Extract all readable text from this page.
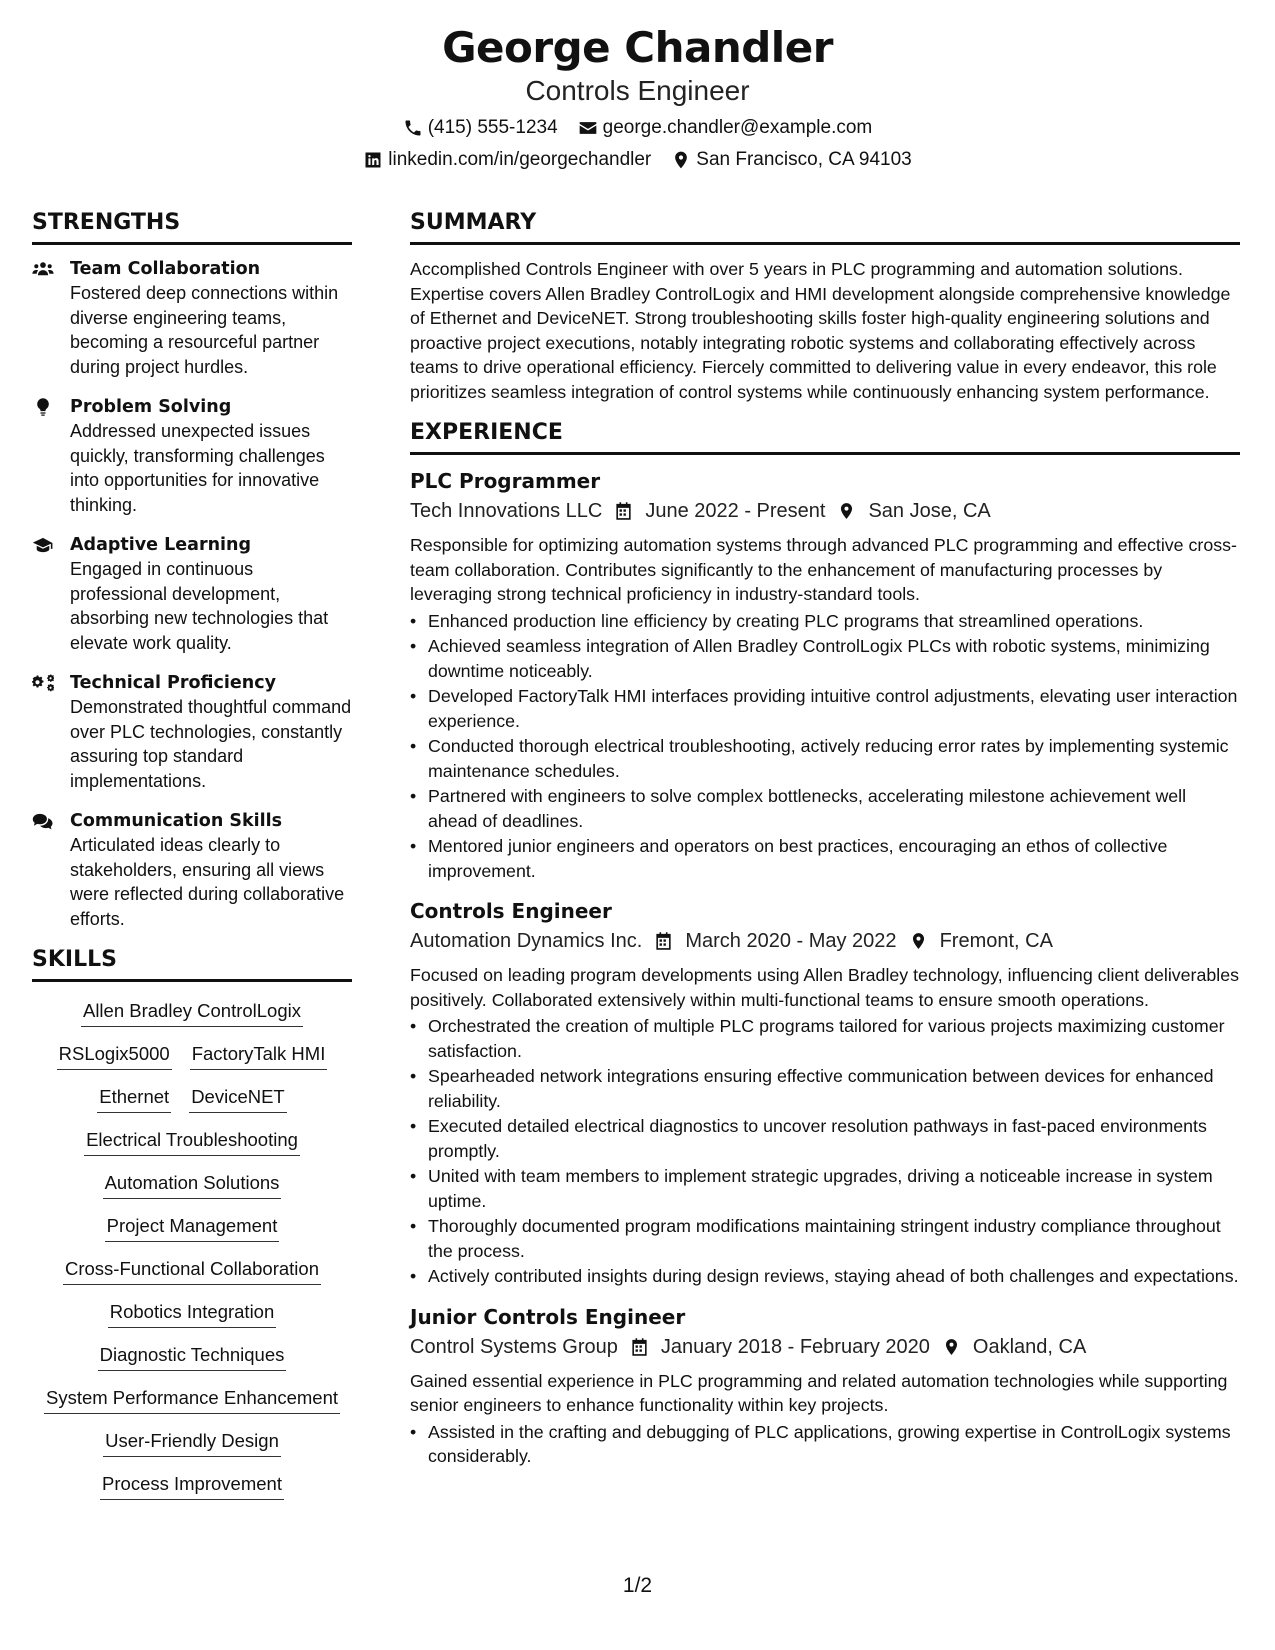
George Chandler
Controls Engineer
(415) 555-1234 george.chandler@example.com
linkedin.com/in/georgechandler San Francisco, CA 94103
STRENGTHS
Team Collaboration
Fostered deep connections within diverse engineering teams, becoming a resourceful partner during project hurdles.
Problem Solving
Addressed unexpected issues quickly, transforming challenges into opportunities for innovative thinking.
Adaptive Learning
Engaged in continuous professional development, absorbing new technologies that elevate work quality.
Technical Proficiency
Demonstrated thoughtful command over PLC technologies, constantly assuring top standard implementations.
Communication Skills
Articulated ideas clearly to stakeholders, ensuring all views were reflected during collaborative efforts.
SKILLS
Allen Bradley ControlLogix
RSLogix5000 FactoryTalk HMI
Ethernet DeviceNET
Electrical Troubleshooting
Automation Solutions
Project Management
Cross-Functional Collaboration
Robotics Integration
Diagnostic Techniques
System Performance Enhancement
User-Friendly Design
Process Improvement
SUMMARY
Accomplished Controls Engineer with over 5 years in PLC programming and automation solutions. Expertise covers Allen Bradley ControlLogix and HMI development alongside comprehensive knowledge of Ethernet and DeviceNET. Strong troubleshooting skills foster high-quality engineering solutions and proactive project executions, notably integrating robotic systems and collaborating effectively across teams to drive operational efficiency. Fiercely committed to delivering value in every endeavor, this role prioritizes seamless integration of control systems while continuously enhancing system performance.
EXPERIENCE
PLC Programmer
Tech Innovations LLC June 2022 - Present San Jose, CA
Responsible for optimizing automation systems through advanced PLC programming and effective cross-team collaboration. Contributes significantly to the enhancement of manufacturing processes by leveraging strong technical proficiency in industry-standard tools.
• Enhanced production line efficiency by creating PLC programs that streamlined operations.
• Achieved seamless integration of Allen Bradley ControlLogix PLCs with robotic systems, minimizing downtime noticeably.
• Developed FactoryTalk HMI interfaces providing intuitive control adjustments, elevating user interaction experience.
• Conducted thorough electrical troubleshooting, actively reducing error rates by implementing systemic maintenance schedules.
• Partnered with engineers to solve complex bottlenecks, accelerating milestone achievement well ahead of deadlines.
• Mentored junior engineers and operators on best practices, encouraging an ethos of collective improvement.
Controls Engineer
Automation Dynamics Inc. March 2020 - May 2022 Fremont, CA
Focused on leading program developments using Allen Bradley technology, influencing client deliverables positively. Collaborated extensively within multi-functional teams to ensure smooth operations.
• Orchestrated the creation of multiple PLC programs tailored for various projects maximizing customer satisfaction.
• Spearheaded network integrations ensuring effective communication between devices for enhanced reliability.
• Executed detailed electrical diagnostics to uncover resolution pathways in fast-paced environments promptly.
• United with team members to implement strategic upgrades, driving a noticeable increase in system uptime.
• Thoroughly documented program modifications maintaining stringent industry compliance throughout the process.
• Actively contributed insights during design reviews, staying ahead of both challenges and expectations.
Junior Controls Engineer
Control Systems Group January 2018 - February 2020 Oakland, CA
Gained essential experience in PLC programming and related automation technologies while supporting senior engineers to enhance functionality within key projects.
• Assisted in the crafting and debugging of PLC applications, growing expertise in ControlLogix systems considerably.
1/2
